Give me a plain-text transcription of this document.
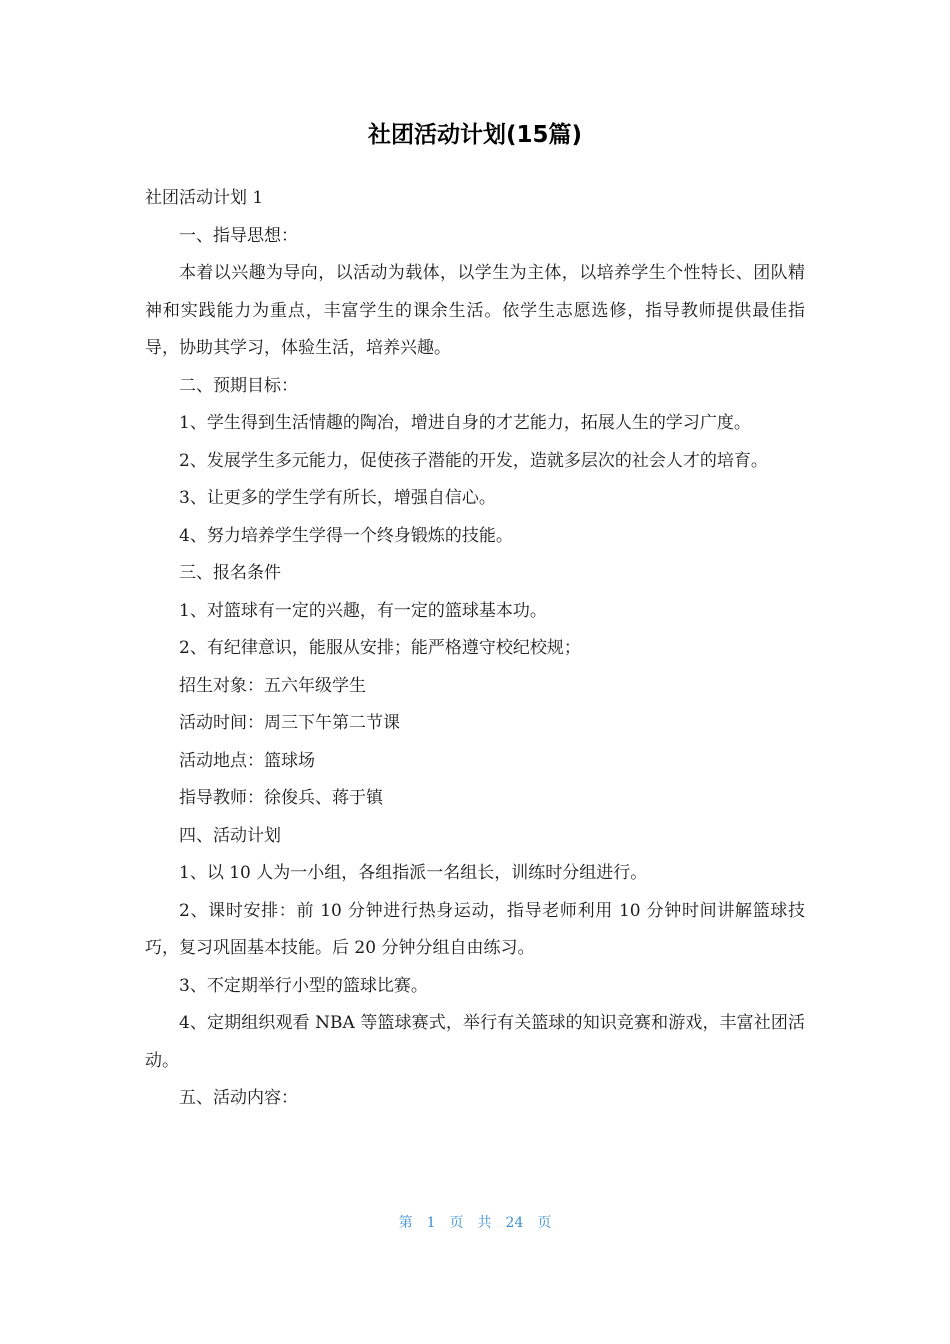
社团活动计划(15篇)

社团活动计划 1

一、指导思想：

本着以兴趣为导向，以活动为载体，以学生为主体，以培养学生个性特长、团队精神和实践能力为重点，丰富学生的课余生活。依学生志愿选修，指导教师提供最佳指导，协助其学习，体验生活，培养兴趣。

二、预期目标：

1、学生得到生活情趣的陶冶，增进自身的才艺能力，拓展人生的学习广度。

2、发展学生多元能力，促使孩子潜能的开发，造就多层次的社会人才的培育。

3、让更多的学生学有所长，增强自信心。

4、努力培养学生学得一个终身锻炼的技能。

三、报名条件

1、对篮球有一定的兴趣，有一定的篮球基本功。

2、有纪律意识，能服从安排；能严格遵守校纪校规；

招生对象：五六年级学生

活动时间：周三下午第二节课

活动地点：篮球场

指导教师：徐俊兵、蒋于镇

四、活动计划

1、以 10 人为一小组，各组指派一名组长，训练时分组进行。

2、课时安排：前 10 分钟进行热身运动，指导老师利用 10 分钟时间讲解篮球技巧，复习巩固基本技能。后 20 分钟分组自由练习。

3、不定期举行小型的篮球比赛。

4、定期组织观看 NBA 等篮球赛式，举行有关篮球的知识竞赛和游戏，丰富社团活动。

五、活动内容：

第 1 页 共 24 页
